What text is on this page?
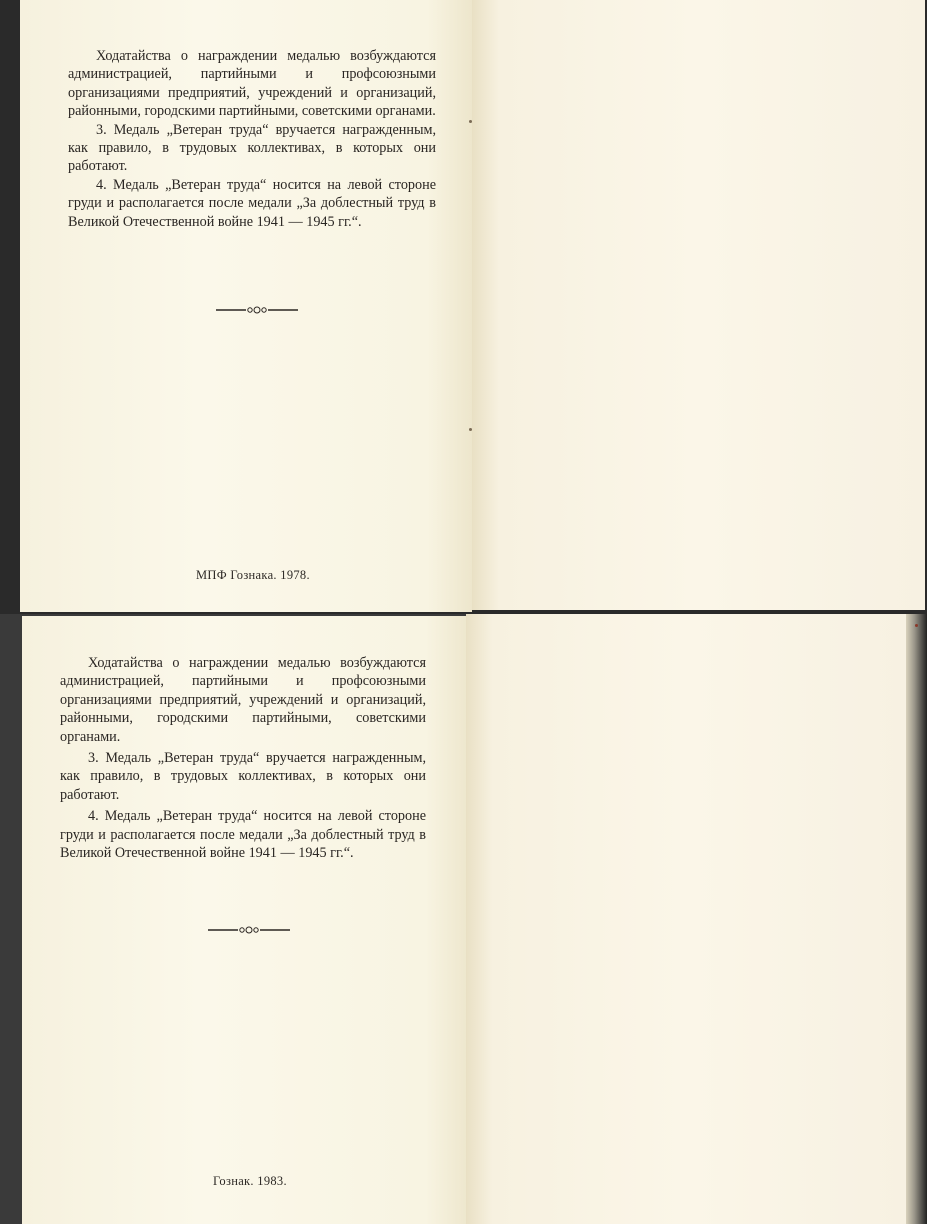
Ходатайства о награждении медалью возбуждаются администрацией, партийными и профсоюзными организациями предприятий, учреждений и организаций, районными, городскими партийными, советскими органами.

3. Медаль „Ветеран труда“ вручается награжденным, как правило, в трудовых коллективах, в которых они работают.

4. Медаль „Ветеран труда“ носится на левой стороне груди и располагается после медали „За доблестный труд в Великой Отечественной войне 1941 — 1945 гг.“.

МПФ Гознака. 1978.

Ходатайства о награждении медалью возбуждаются администрацией, партийными и профсоюзными организациями предприятий, учреждений и организаций, районными, городскими партийными, советскими органами.

3. Медаль „Ветеран труда“ вручается награжденным, как правило, в трудовых коллективах, в которых они работают.

4. Медаль „Ветеран труда“ носится на левой стороне груди и располагается после медали „За доблестный труд в Великой Отечественной войне 1941 — 1945 гг.“.

Гознак. 1983.
